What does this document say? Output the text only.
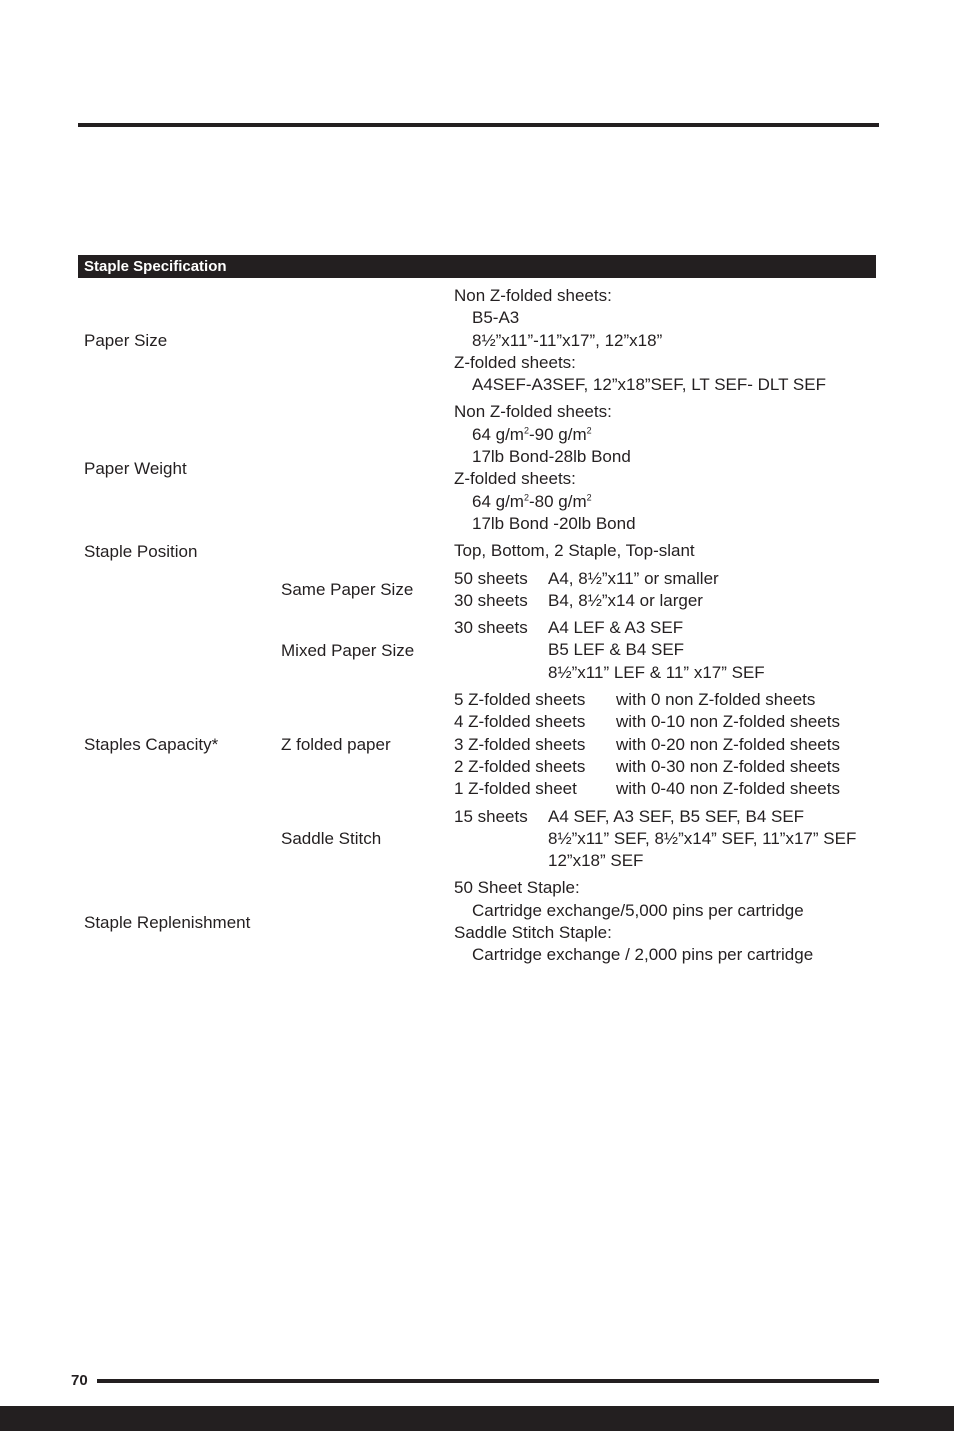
Staple Specification
Paper Size
Non Z-folded sheets:
B5-A3
8½”x11”-11”x17”, 12”x18”
Z-folded sheets:
A4SEF-A3SEF, 12”x18”SEF, LT SEF- DLT SEF
Paper Weight
Non Z-folded sheets:
64 $g/m^2-90$ $g/m^2$
17lb Bond-28lb Bond
Z-folded sheets:
64 $g/m^2-80$ $g/m^2$
17lb Bond -20lb Bond
Staple Position	Top, Bottom, 2 Staple, Top-slant
Same Paper Size
50 sheets A4, 8½”x11” or smaller
30 sheets B4, 8½”x14 or larger
Mixed Paper Size
30 sheets A4 LEF & A3 SEF
B5 LEF & B4 SEF
8½”x11” LEF & 11” x17” SEF
Staples Capacity*	Z folded paper
5 Z-folded sheets with 0 non Z-folded sheets
4 Z-folded sheets with 0-10 non Z-folded sheets
3 Z-folded sheets with 0-20 non Z-folded sheets
2 Z-folded sheets with 0-30 non Z-folded sheets
1 Z-folded sheet with 0-40 non Z-folded sheets
Saddle Stitch
15 sheets A4 SEF, A3 SEF, B5 SEF, B4 SEF
8½”x11” SEF, 8½”x14” SEF, 11”x17” SEF
12”x18” SEF
Staple Replenishment
50 Sheet Staple:
Cartridge exchange/5,000 pins per cartridge
Saddle Stitch Staple:
Cartridge exchange / 2,000 pins per cartridge
70
